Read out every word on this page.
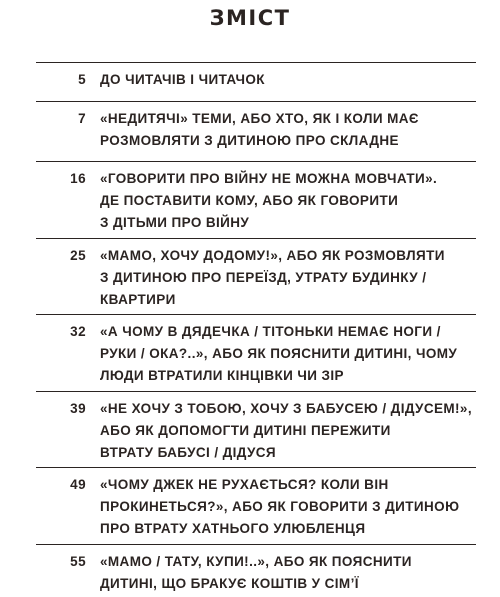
ЗМІСТ
5 ДО ЧИТАЧІВ І ЧИТАЧОК
7 «НЕДИТЯЧІ» ТЕМИ, АБО ХТО, ЯК І КОЛИ МАЄ
РОЗМОВЛЯТИ З ДИТИНОЮ ПРО СКЛАДНЕ
16 «ГОВОРИТИ ПРО ВІЙНУ НЕ МОЖНА МОВЧАТИ».
ДЕ ПОСТАВИТИ КОМУ, АБО ЯК ГОВОРИТИ
З ДІТЬМИ ПРО ВІЙНУ
25 «МАМО, ХОЧУ ДОДОМУ!», АБО ЯК РОЗМОВЛЯТИ
З ДИТИНОЮ ПРО ПЕРЕЇЗД, УТРАТУ БУДИНКУ /
КВАРТИРИ
32 «А ЧОМУ В ДЯДЕЧКА / ТІТОНЬКИ НЕМАЄ НОГИ /
РУКИ / ОКА?..», АБО ЯК ПОЯСНИТИ ДИТИНІ, ЧОМУ
ЛЮДИ ВТРАТИЛИ КІНЦІВКИ ЧИ ЗІР
39 «НЕ ХОЧУ З ТОБОЮ, ХОЧУ З БАБУСЕЮ / ДІДУСЕМ!»,
АБО ЯК ДОПОМОГТИ ДИТИНІ ПЕРЕЖИТИ
ВТРАТУ БАБУСІ / ДІДУСЯ
49 «ЧОМУ ДЖЕК НЕ РУХАЄТЬСЯ? КОЛИ ВІН
ПРОКИНЕТЬСЯ?», АБО ЯК ГОВОРИТИ З ДИТИНОЮ
ПРО ВТРАТУ ХАТНЬОГО УЛЮБЛЕНЦЯ
55 «МАМО / ТАТУ, КУПИ!..», АБО ЯК ПОЯСНИТИ
ДИТИНІ, ЩО БРАКУЄ КОШТІВ У СІМ’Ї
